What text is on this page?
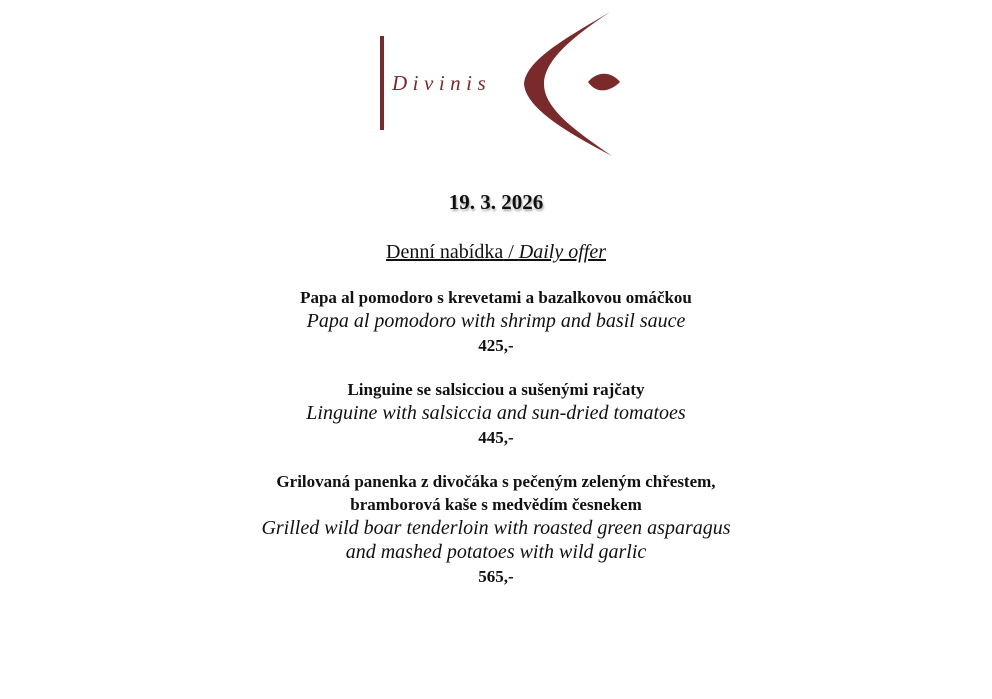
Divinis
19. 3. 2026
Denní nabídka / Daily offer
Papa al pomodoro s krevetami a bazalkovou omáčkou
Papa al pomodoro with shrimp and basil sauce
425,-
Linguine se salsicciou a sušenými rajčaty
Linguine with salsiccia and sun-dried tomatoes
445,-
Grilovaná panenka z divočáka s pečeným zeleným chřestem,
bramborová kaše s medvědím česnekem
Grilled wild boar tenderloin with roasted green asparagus
and mashed potatoes with wild garlic
565,-
